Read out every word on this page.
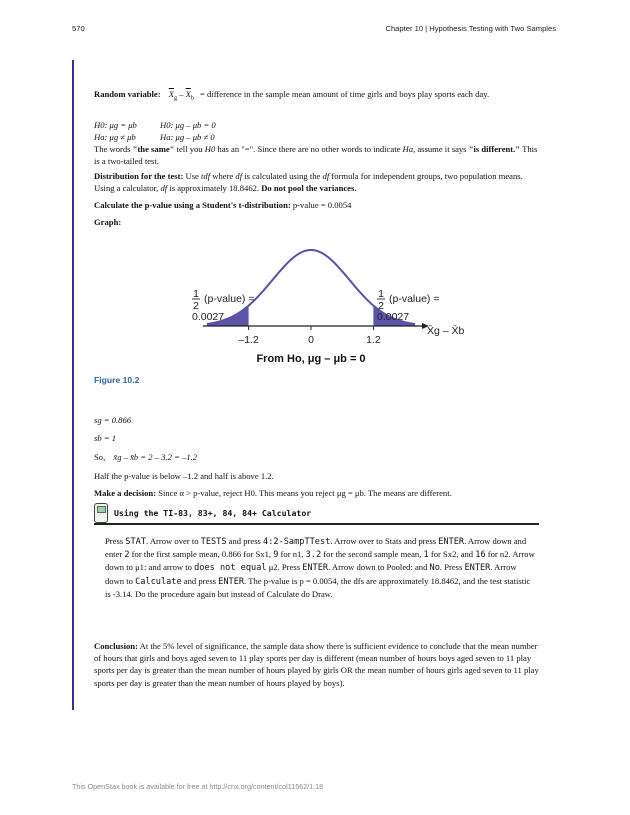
570	Chapter 10 | Hypothesis Testing with Two Samples
Random variable: $\overline{X}_g - \overline{X}_b$ = difference in the sample mean amount of time girls and boys play sports each day.
H0: μg = μb	H0: μg – μb = 0
Ha: μg ≠ μb	Ha: μg – μb ≠ 0
The words "the same" tell you H0 has an "=". Since there are no other words to indicate Ha, assume it says "is different." This is a two-tailed test.
Distribution for the test: Use tdf where df is calculated using the df formula for independent groups, two population means. Using a calculator, df is approximately 18.8462. Do not pool the variances.
Calculate the p-value using a Student's t-distribution: p-value = 0.0054
Graph:
–1.2	0	1.2
X̄g – X̄b
From Ho, μg – μb = 0
1
2
(p-value) =
0.0027
1
2
(p-value) =
0.0027
Figure 10.2
sg = 0.866
sb = 1
So, x̄g – x̄b = 2 – 3.2 = –1.2
Half the p-value is below –1.2 and half is above 1.2.
Make a decision: Since α > p-value, reject H0. This means you reject μg = μb. The means are different.
Using the TI-83, 83+, 84, 84+ Calculator
Press STAT. Arrow over to TESTS and press 4:2-SampTTest. Arrow over to Stats and press ENTER. Arrow down and enter 2 for the first sample mean, 0.866 for Sx1, 9 for n1, 3.2 for the second sample mean, 1 for Sx2, and 16 for n2. Arrow down to μ1: and arrow to does not equal μ2. Press ENTER. Arrow down to Pooled: and No. Press ENTER. Arrow down to Calculate and press ENTER. The p-value is p = 0.0054, the dfs are approximately 18.8462, and the test statistic is -3.14. Do the procedure again but instead of Calculate do Draw.
Conclusion: At the 5% level of significance, the sample data show there is sufficient evidence to conclude that the mean number of hours that girls and boys aged seven to 11 play sports per day is different (mean number of hours boys aged seven to 11 play sports per day is greater than the mean number of hours played by girls OR the mean number of hours girls aged seven to 11 play sports per day is greater than the mean number of hours played by boys).
This OpenStax book is available for free at http://cnx.org/content/col11562/1.18
